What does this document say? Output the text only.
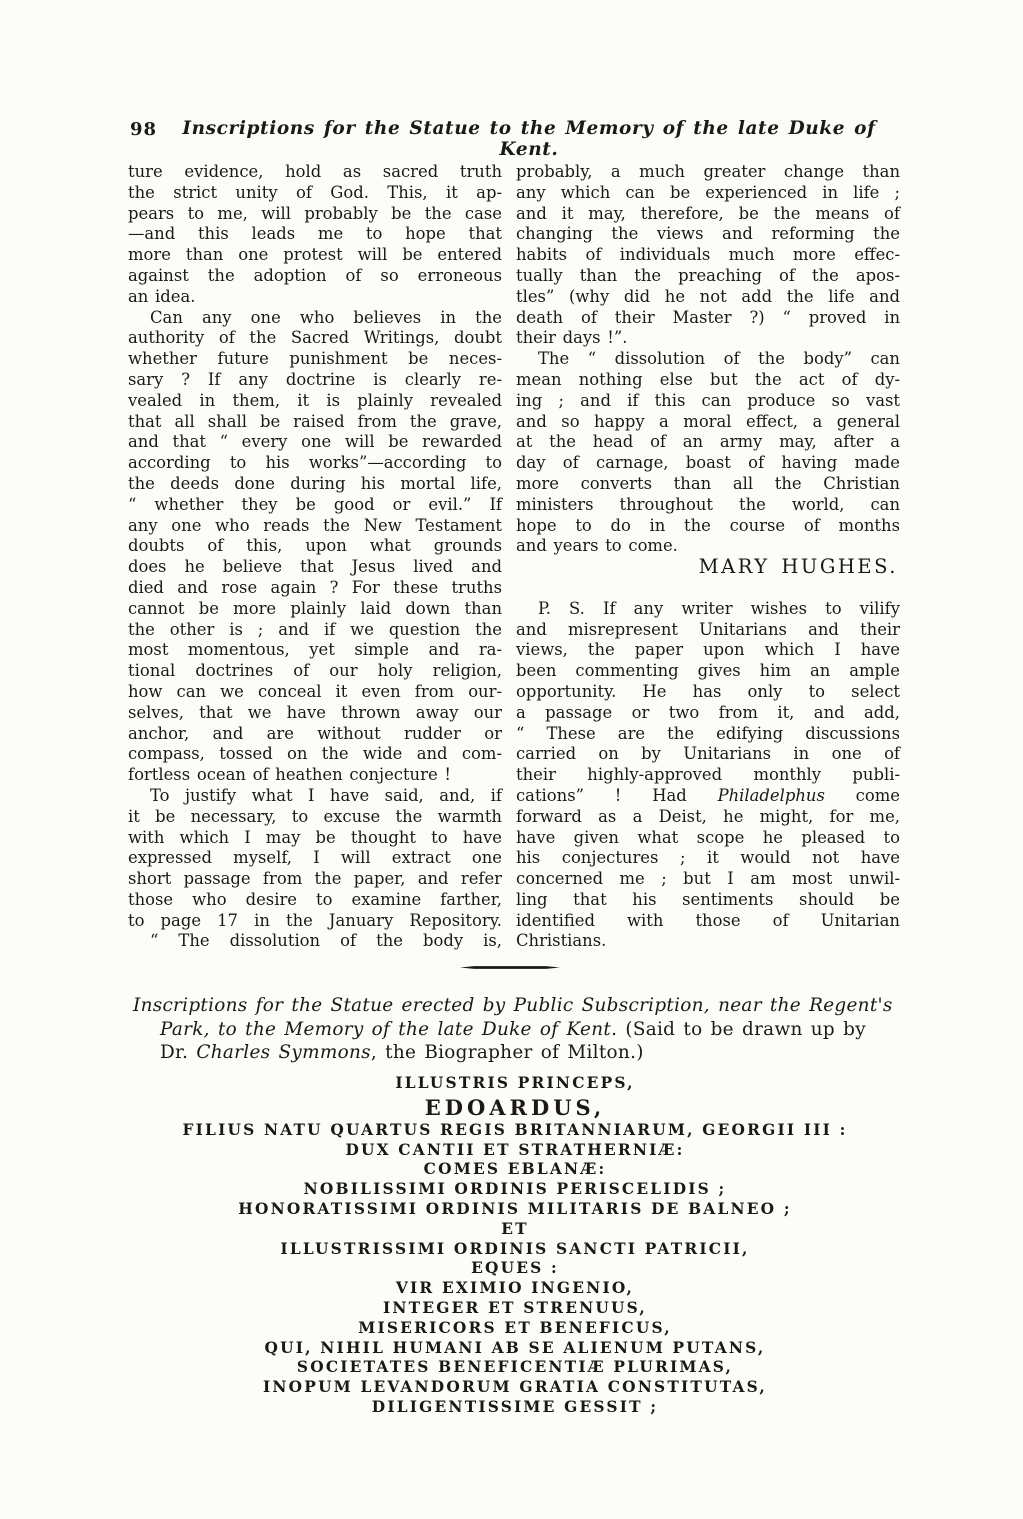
98	Inscriptions for the Statue to the Memory of the late Duke of Kent.
ture evidence, hold as sacred truth
the strict unity of God. This, it ap-
pears to me, will probably be the case
—and this leads me to hope that
more than one protest will be entered
against the adoption of so erroneous
an idea.
Can any one who believes in the
authority of the Sacred Writings, doubt
whether future punishment be neces-
sary ? If any doctrine is clearly re-
vealed in them, it is plainly revealed
that all shall be raised from the grave,
and that “ every one will be rewarded
according to his works”—according to
the deeds done during his mortal life,
“ whether they be good or evil.” If
any one who reads the New Testament
doubts of this, upon what grounds
does he believe that Jesus lived and
died and rose again ? For these truths
cannot be more plainly laid down than
the other is ; and if we question the
most momentous, yet simple and ra-
tional doctrines of our holy religion,
how can we conceal it even from our-
selves, that we have thrown away our
anchor, and are without rudder or
compass, tossed on the wide and com-
fortless ocean of heathen conjecture !
To justify what I have said, and, if
it be necessary, to excuse the warmth
with which I may be thought to have
expressed myself, I will extract one
short passage from the paper, and refer
those who desire to examine farther,
to page 17 in the January Repository.
“ The dissolution of the body is,
probably, a much greater change than
any which can be experienced in life ;
and it may, therefore, be the means of
changing the views and reforming the
habits of individuals much more effec-
tually than the preaching of the apos-
tles” (why did he not add the life and
death of their Master ?) “ proved in
their days !”.
The “ dissolution of the body” can
mean nothing else but the act of dy-
ing ; and if this can produce so vast
and so happy a moral effect, a general
at the head of an army may, after a
day of carnage, boast of having made
more converts than all the Christian
ministers throughout the world, can
hope to do in the course of months
and years to come.
MARY HUGHES.

P. S. If any writer wishes to vilify
and misrepresent Unitarians and their
views, the paper upon which I have
been commenting gives him an ample
opportunity. He has only to select
a passage or two from it, and add,
“ These are the edifying discussions
carried on by Unitarians in one of
their highly-approved monthly publi-
cations” ! Had Philadelphus come
forward as a Deist, he might, for me,
have given what scope he pleased to
his conjectures ; it would not have
concerned me ; but I am most unwil-
ling that his sentiments should be
identified with those of Unitarian
Christians.
Inscriptions for the Statue erected by Public Subscription, near the Regent's
Park, to the Memory of the late Duke of Kent. (Said to be drawn up by
Dr. Charles Symmons, the Biographer of Milton.)
ILLUSTRIS PRINCEPS,
EDOARDUS,
FILIUS NATU QUARTUS REGIS BRITANNIARUM, GEORGII III :
DUX CANTII ET STRATHERNIÆ:
COMES EBLANÆ:
NOBILISSIMI ORDINIS PERISCELIDIS ;
HONORATISSIMI ORDINIS MILITARIS DE BALNEO ;
ET
ILLUSTRISSIMI ORDINIS SANCTI PATRICII,
EQUES :
VIR EXIMIO INGENIO,
INTEGER ET STRENUUS,
MISERICORS ET BENEFICUS,
QUI, NIHIL HUMANI AB SE ALIENUM PUTANS,
SOCIETATES BENEFICENTIÆ PLURIMAS,
INOPUM LEVANDORUM GRATIA CONSTITUTAS,
DILIGENTISSIME GESSIT ;
